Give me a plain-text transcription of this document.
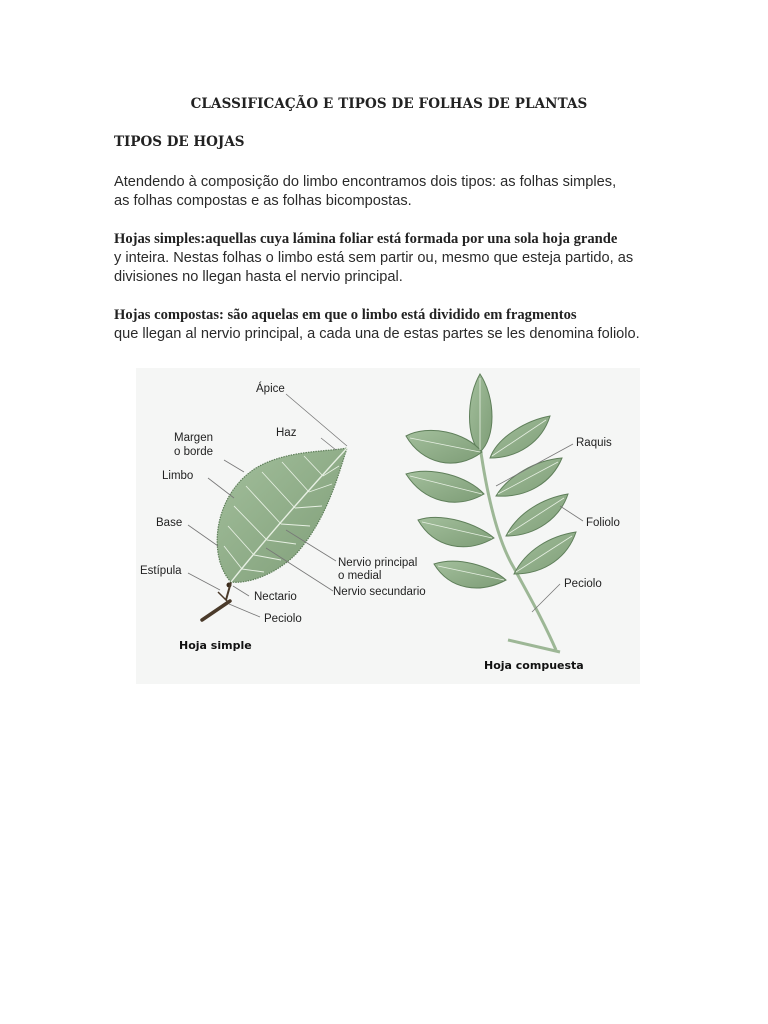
CLASSIFICAÇÃO E TIPOS DE FOLHAS DE PLANTAS
TIPOS DE HOJAS
Atendendo à composição do limbo encontramos dois tipos: as folhas simples,
as folhas compostas e as folhas bicompostas.
Hojas simples:aquellas cuya lámina foliar está formada por una sola hoja grande
y inteira. Nestas folhas o limbo está sem partir ou, mesmo que esteja partido, as
divisiones no llegan hasta el nervio principal.
Hojas compostas: são aquelas em que o limbo está dividido em fragmentos
que llegan al nervio principal, a cada una de estas partes se les denomina foliolo.
Ápice
Haz
Margen
o borde
Limbo
Base
Estípula
Nervio principal
o medial
Nervio secundario
Nectario
Peciolo
Hoja simple
Raquis
Foliolo
Peciolo
Hoja compuesta
